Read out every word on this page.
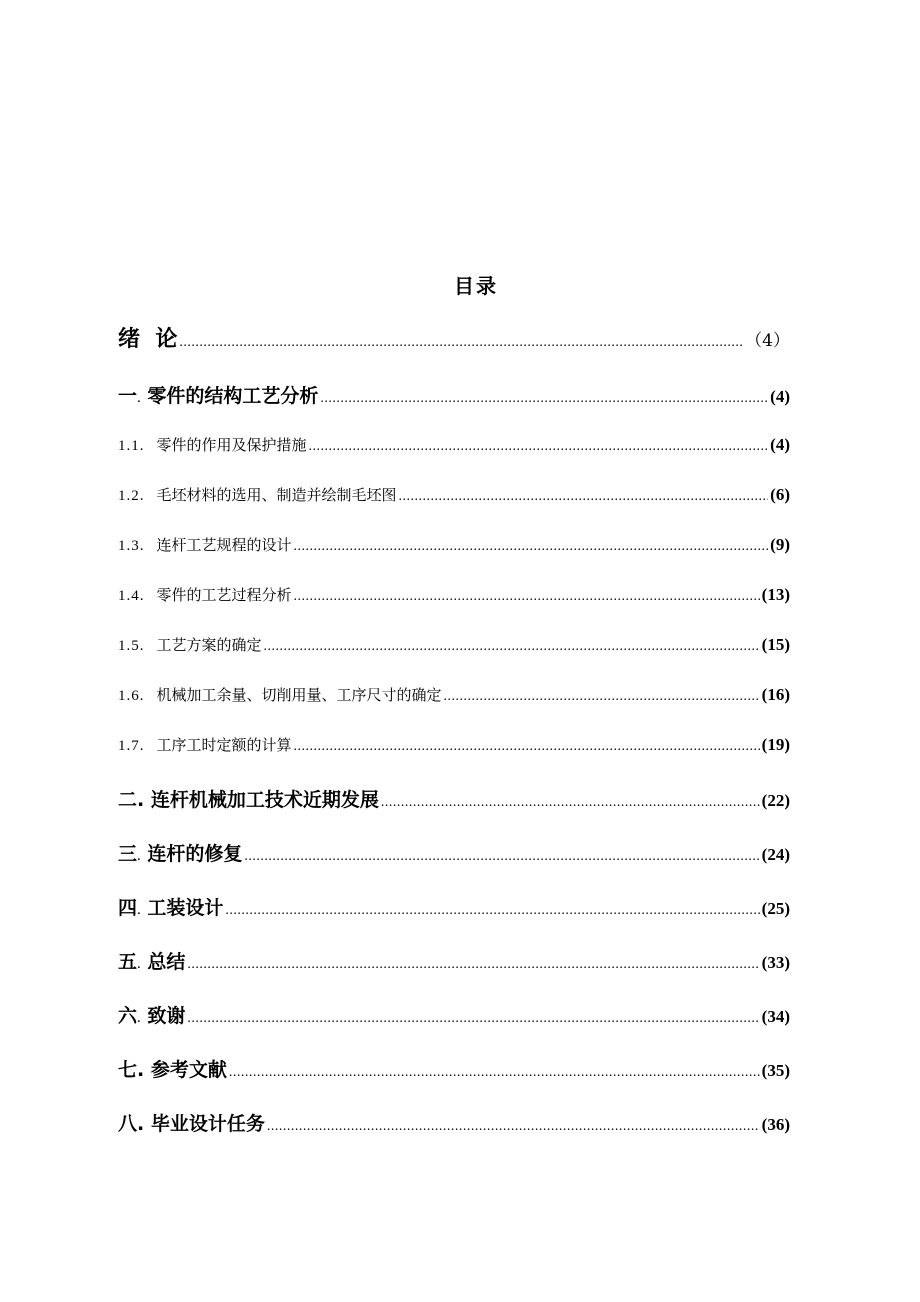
目录
绪  论 .....	（4）
一. 零件的结构工艺分析 .....	(4)
1.1. 零件的作用及保护措施 .....	(4)
1.2. 毛坯材料的选用、制造并绘制毛坯图 .....	(6)
1.3. 连杆工艺规程的设计 .....	(9)
1.4. 零件的工艺过程分析 .....	(13)
1.5. 工艺方案的确定 .....	(15)
1.6. 机械加工余量、切削用量、工序尺寸的确定 .....	(16)
1.7. 工序工时定额的计算 .....	(19)
二. 连杆机械加工技术近期发展 .....	(22)
三. 连杆的修复 .....	(24)
四. 工装设计 .....	(25)
五. 总结 .....	(33)
六. 致谢 .....	(34)
七. 参考文献 .....	(35)
八. 毕业设计任务 .....	(36)
